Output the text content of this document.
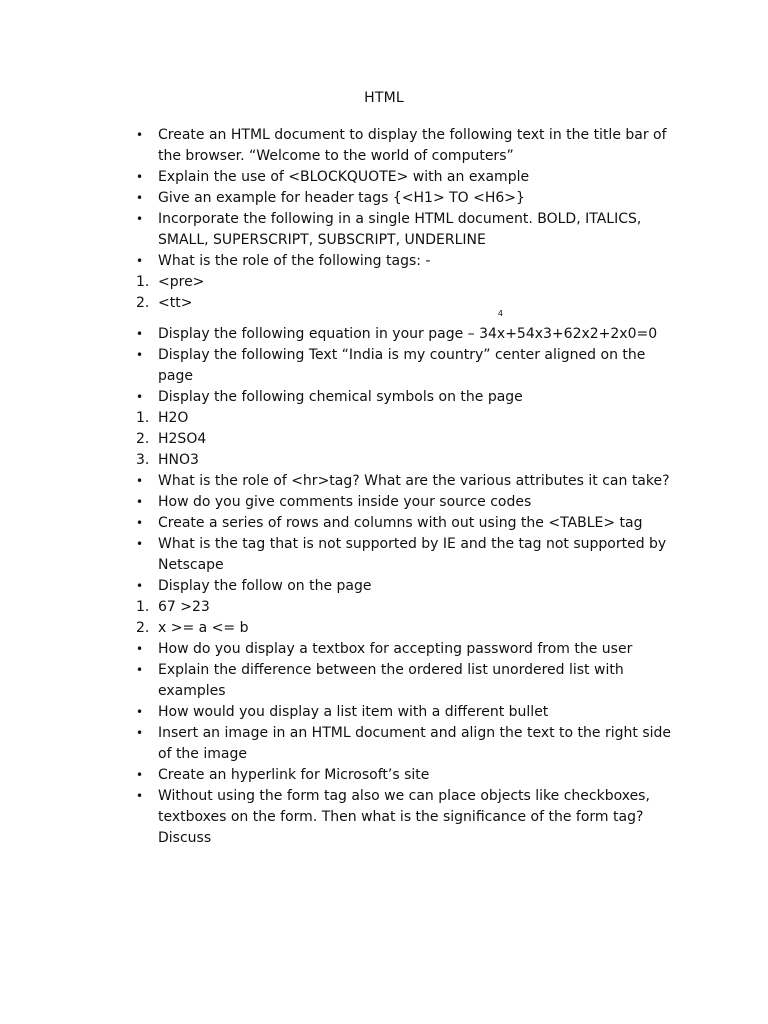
HTML
•	Create an HTML document to display the following text in the title bar of the browser. “Welcome to the world of computers”
•	Explain the use of <BLOCKQUOTE> with an example
•	Give an example for header tags {<H1> TO <H6>}
•	Incorporate the following in a single HTML document. BOLD, ITALICS, SMALL, SUPERSCRIPT, SUBSCRIPT, UNDERLINE
•	What is the role of the following tags: -
1. <pre>
2. <tt>
•	Display the following equation in your page – 34x+54x3+62x2+2x0=0
4
•	Display the following Text “India is my country” center aligned on the page
•	Display the following chemical symbols on the page
1. H2O
2. H2SO4
3. HNO3
•	What is the role of <hr>tag? What are the various attributes it can take?
•	How do you give comments inside your source codes
•	Create a series of rows and columns with out using the <TABLE> tag
•	What is the tag that is not supported by IE and the tag not supported by Netscape
•	Display the follow on the page
1. 67 >23
2. x >= a <= b
•	How do you display a textbox for accepting password from the user
•	Explain the difference between the ordered list unordered list with examples
•	How would you display a list item with a different bullet
•	Insert an image in an HTML document and align the text to the right side of the image
•	Create an hyperlink for Microsoft’s site
•	Without using the form tag also we can place objects like checkboxes, textboxes on the form. Then what is the significance of the form tag? Discuss
